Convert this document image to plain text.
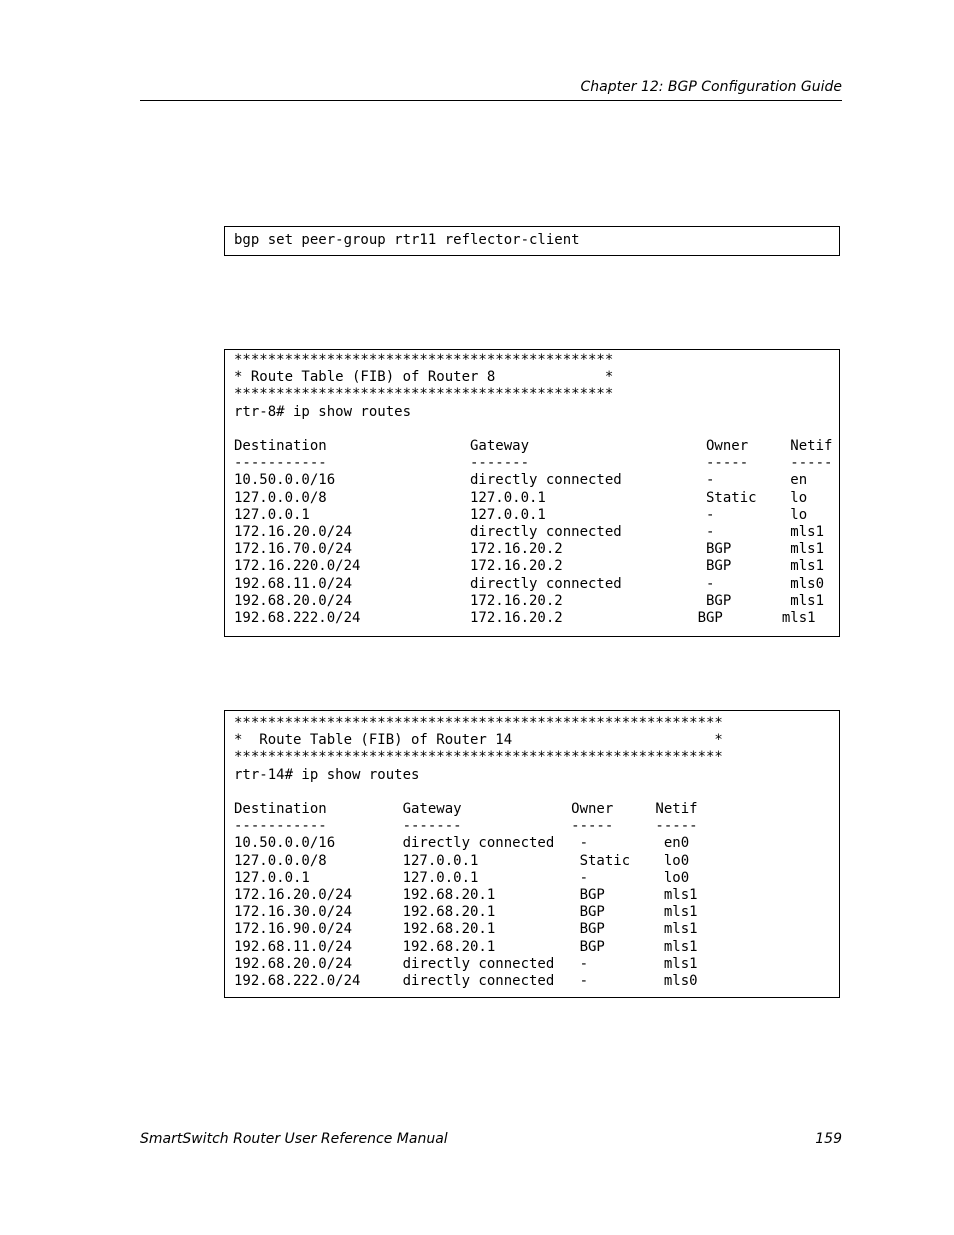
Chapter 12: BGP Configuration Guide
bgp set peer-group rtr11 reflector-client
*********************************************
* Route Table (FIB) of Router 8             *
*********************************************
rtr-8# ip show routes

Destination                 Gateway                     Owner     Netif
-----------                 -------                     -----     -----
10.50.0.0/16                directly connected          -         en
127.0.0.0/8                 127.0.0.1                   Static    lo
127.0.0.1                   127.0.0.1                   -         lo
172.16.20.0/24              directly connected          -         mls1
172.16.70.0/24              172.16.20.2                 BGP       mls1
172.16.220.0/24             172.16.20.2                 BGP       mls1
192.68.11.0/24              directly connected          -         mls0
192.68.20.0/24              172.16.20.2                 BGP       mls1
192.68.222.0/24             172.16.20.2                BGP       mls1
**********************************************************
*  Route Table (FIB) of Router 14                        *
**********************************************************
rtr-14# ip show routes

Destination         Gateway             Owner     Netif
-----------         -------             -----     -----
10.50.0.0/16        directly connected   -         en0
127.0.0.0/8         127.0.0.1            Static    lo0
127.0.0.1           127.0.0.1            -         lo0
172.16.20.0/24      192.68.20.1          BGP       mls1
172.16.30.0/24      192.68.20.1          BGP       mls1
172.16.90.0/24      192.68.20.1          BGP       mls1
192.68.11.0/24      192.68.20.1          BGP       mls1
192.68.20.0/24      directly connected   -         mls1
192.68.222.0/24     directly connected   -         mls0
SmartSwitch Router User Reference Manual	159
